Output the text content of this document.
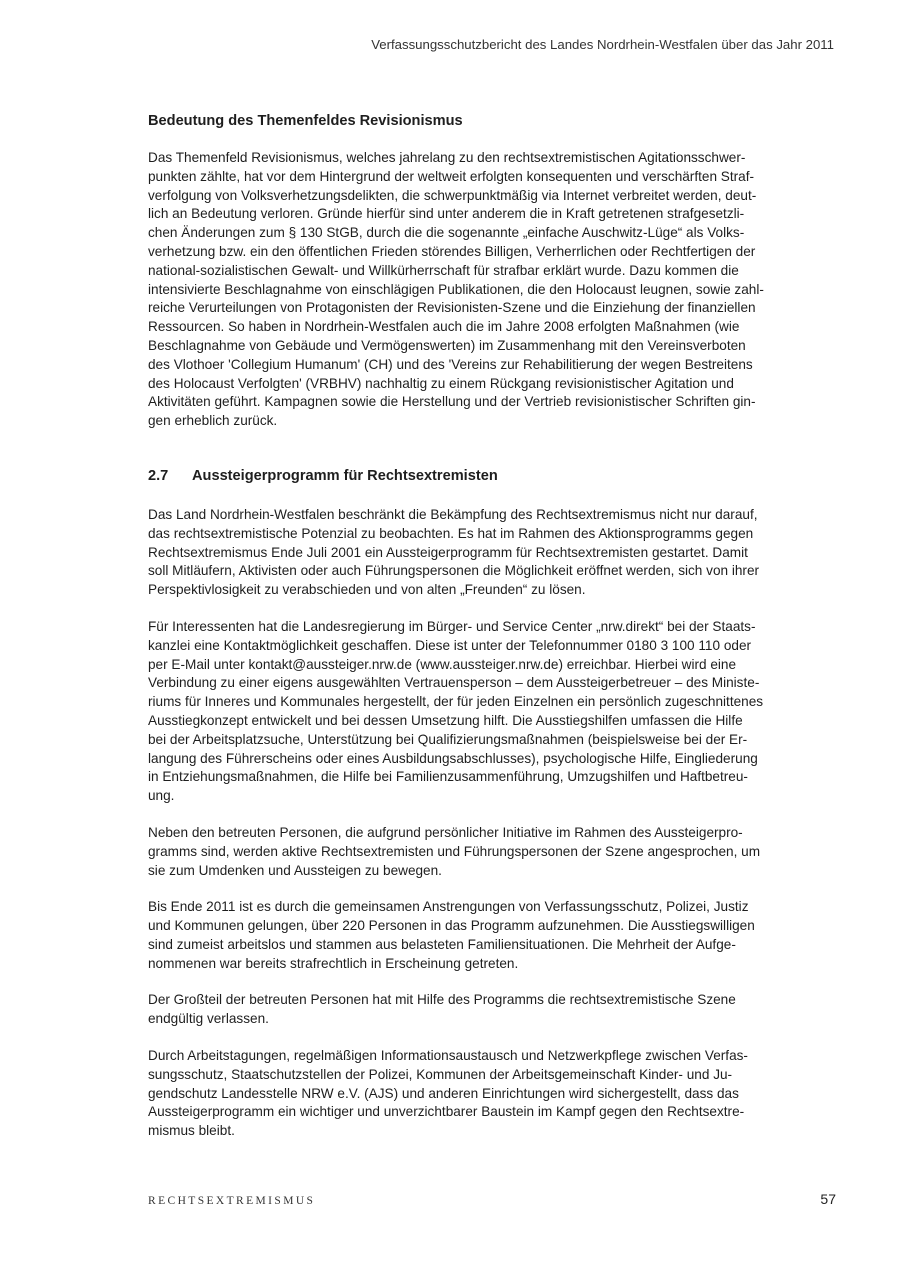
Verfassungsschutzbericht des Landes Nordrhein-Westfalen über das Jahr 2011
Bedeutung des Themenfeldes Revisionismus

Das Themenfeld Revisionismus, welches jahrelang zu den rechtsextremistischen Agitationsschwer-
punkten zählte, hat vor dem Hintergrund der weltweit erfolgten konsequenten und verschärften Straf-
verfolgung von Volksverhetzungsdelikten, die schwerpunktmäßig via Internet verbreitet werden, deut-
lich an Bedeutung verloren. Gründe hierfür sind unter anderem die in Kraft getretenen strafgesetzli-
chen Änderungen zum § 130 StGB, durch die die sogenannte „einfache Auschwitz-Lüge“ als Volks-
verhetzung bzw. ein den öffentlichen Frieden störendes Billigen, Verherrlichen oder Rechtfertigen der
national-sozialistischen Gewalt- und Willkürherrschaft für strafbar erklärt wurde. Dazu kommen die
intensivierte Beschlagnahme von einschlägigen Publikationen, die den Holocaust leugnen, sowie zahl-
reiche Verurteilungen von Protagonisten der Revisionisten-Szene und die Einziehung der finanziellen
Ressourcen. So haben in Nordrhein-Westfalen auch die im Jahre 2008 erfolgten Maßnahmen (wie
Beschlagnahme von Gebäude und Vermögenswerten) im Zusammenhang mit den Vereinsverboten
des Vlothoer 'Collegium Humanum' (CH) und des 'Vereins zur Rehabilitierung der wegen Bestreitens
des Holocaust Verfolgten' (VRBHV) nachhaltig zu einem Rückgang revisionistischer Agitation und
Aktivitäten geführt. Kampagnen sowie die Herstellung und der Vertrieb revisionistischer Schriften gin-
gen erheblich zurück.

2.7	Aussteigerprogramm für Rechtsextremisten

Das Land Nordrhein-Westfalen beschränkt die Bekämpfung des Rechtsextremismus nicht nur darauf,
das rechtsextremistische Potenzial zu beobachten. Es hat im Rahmen des Aktionsprogramms gegen
Rechtsextremismus Ende Juli 2001 ein Aussteigerprogramm für Rechtsextremisten gestartet. Damit
soll Mitläufern, Aktivisten oder auch Führungspersonen die Möglichkeit eröffnet werden, sich von ihrer
Perspektivlosigkeit zu verabschieden und von alten „Freunden“ zu lösen.

Für Interessenten hat die Landesregierung im Bürger- und Service Center „nrw.direkt“ bei der Staats-
kanzlei eine Kontaktmöglichkeit geschaffen. Diese ist unter der Telefonnummer 0180 3 100 110 oder
per E-Mail unter kontakt@aussteiger.nrw.de (www.aussteiger.nrw.de) erreichbar. Hierbei wird eine
Verbindung zu einer eigens ausgewählten Vertrauensperson – dem Aussteigerbetreuer – des Ministe-
riums für Inneres und Kommunales hergestellt, der für jeden Einzelnen ein persönlich zugeschnittenes
Ausstiegkonzept entwickelt und bei dessen Umsetzung hilft. Die Ausstiegshilfen umfassen die Hilfe
bei der Arbeitsplatzsuche, Unterstützung bei Qualifizierungsmaßnahmen (beispielsweise bei der Er-
langung des Führerscheins oder eines Ausbildungsabschlusses), psychologische Hilfe, Eingliederung
in Entziehungsmaßnahmen, die Hilfe bei Familienzusammenführung, Umzugshilfen und Haftbetreu-
ung.

Neben den betreuten Personen, die aufgrund persönlicher Initiative im Rahmen des Aussteigerpro-
gramms sind, werden aktive Rechtsextremisten und Führungspersonen der Szene angesprochen, um
sie zum Umdenken und Aussteigen zu bewegen.

Bis Ende 2011 ist es durch die gemeinsamen Anstrengungen von Verfassungsschutz, Polizei, Justiz
und Kommunen gelungen, über 220 Personen in das Programm aufzunehmen. Die Ausstiegswilligen
sind zumeist arbeitslos und stammen aus belasteten Familiensituationen. Die Mehrheit der Aufge-
nommenen war bereits strafrechtlich in Erscheinung getreten.

Der Großteil der betreuten Personen hat mit Hilfe des Programms die rechtsextremistische Szene
endgültig verlassen.

Durch Arbeitstagungen, regelmäßigen Informationsaustausch und Netzwerkpflege zwischen Verfas-
sungsschutz, Staatschutzstellen der Polizei, Kommunen der Arbeitsgemeinschaft Kinder- und Ju-
gendschutz Landesstelle NRW e.V. (AJS) und anderen Einrichtungen wird sichergestellt, dass das
Aussteigerprogramm ein wichtiger und unverzichtbarer Baustein im Kampf gegen den Rechtsextre-
mismus bleibt.

RECHTSEXTREMISMUS	57
